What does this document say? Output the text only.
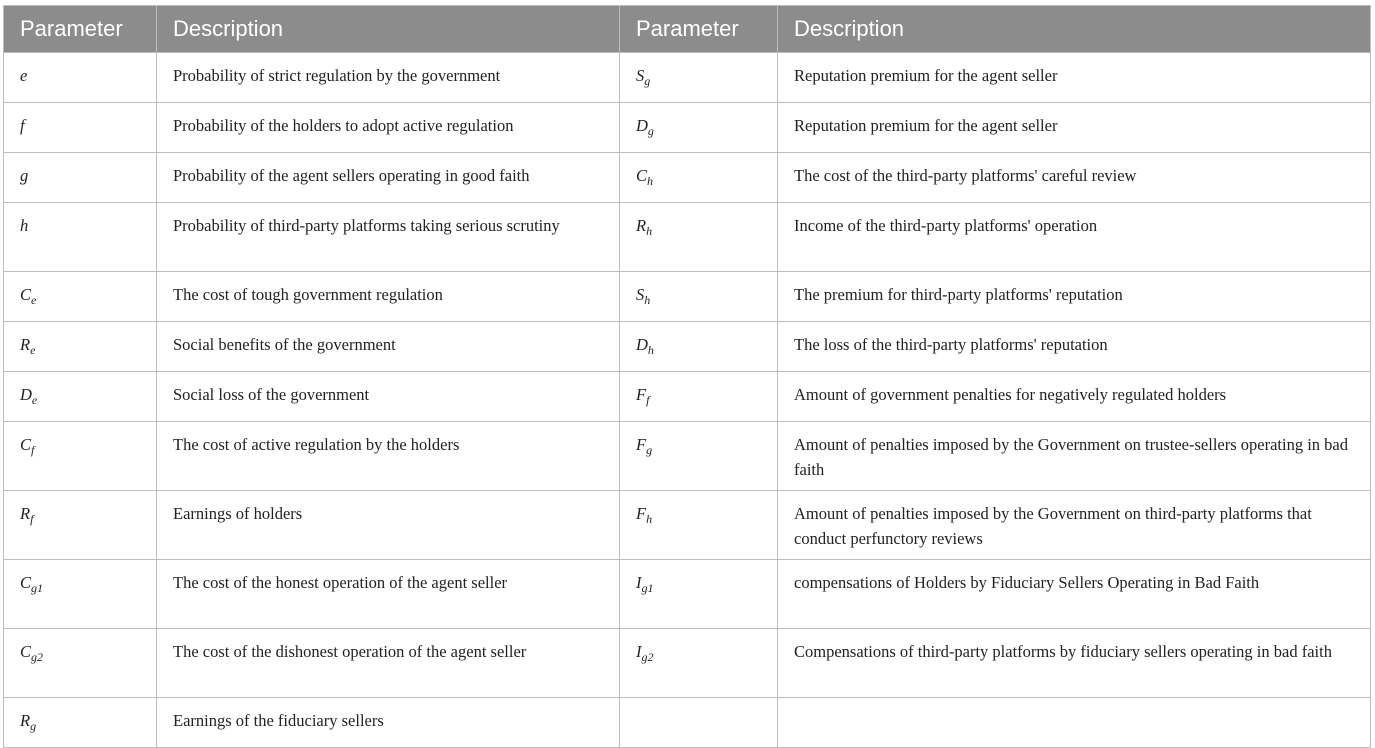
Parameter	Description	Parameter	Description
e	Probability of strict regulation by the government	$S_g$	Reputation premium for the agent seller
f	Probability of the holders to adopt active regulation	$D_g$	Reputation premium for the agent seller
g	Probability of the agent sellers operating in good faith	$C_h$	The cost of the third-party platforms' careful review
h	Probability of third-party platforms taking serious scrutiny	$R_h$	Income of the third-party platforms' operation
$C_e$	The cost of tough government regulation	$S_h$	The premium for third-party platforms' reputation
$R_e$	Social benefits of the government	$D_h$	The loss of the third-party platforms' reputation
$D_e$	Social loss of the government	$F_f$	Amount of government penalties for negatively regulated holders
$C_f$	The cost of active regulation by the holders	$F_g$	Amount of penalties imposed by the Government on trustee-sellers operating in bad faith
$R_f$	Earnings of holders	$F_h$	Amount of penalties imposed by the Government on third-party platforms that conduct perfunctory reviews
$C_{g1}$	The cost of the honest operation of the agent seller	$I_{g1}$	compensations of Holders by Fiduciary Sellers Operating in Bad Faith
$C_{g2}$	The cost of the dishonest operation of the agent seller	$I_{g2}$	Compensations of third-party platforms by fiduciary sellers operating in bad faith
$R_g$	Earnings of the fiduciary sellers		
